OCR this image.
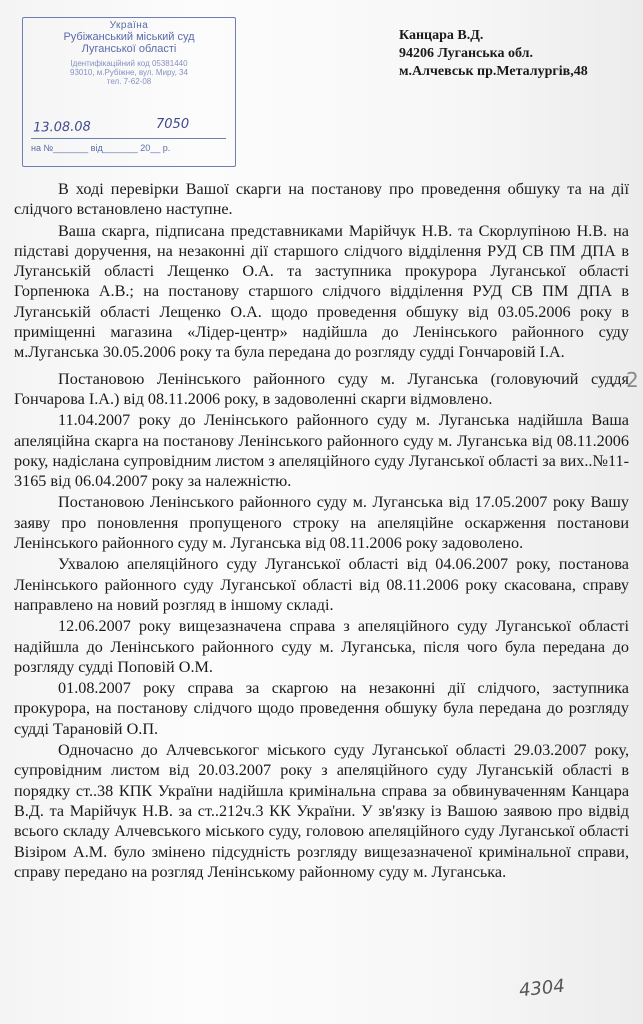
Україна
Рубіжанський міський суд
Луганської області
Ідентифікаційний код 05381440
93010, м.Рубіжне, вул. Миру, 34
тел. 7-62-08
13.08.08	7050
на №_______ від_______ 20__ р.
Канцара В.Д.
94206 Луганська обл.
м.Алчевськ пр.Металургів,48

В ході перевірки Вашої скарги на постанову про проведення обшуку та на дії слідчого встановлено наступне.

Ваша скарга, підписана представниками Марійчук Н.В. та Скорлупіною Н.В. на підставі доручення, на незаконні дії старшого слідчого відділення РУД СВ ПМ ДПА в Луганській області Лещенко О.А. та заступника прокурора Луганської області Горпенюка А.В.; на постанову старшого слідчого відділення РУД СВ ПМ ДПА в Луганській області Лещенко О.А. щодо проведення обшуку від 03.05.2006 року в приміщенні магазина «Лідер-центр» надійшла до Ленінського районного суду м.Луганська 30.05.2006 року та була передана до розгляду судді Гончаровій І.А.

Постановою Ленінського районного суду м. Луганська (головуючий суддя Гончарова І.А.) від 08.11.2006 року, в задоволенні скарги відмовлено.

11.04.2007 року до Ленінського районного суду м. Луганська надійшла Ваша апеляційна скарга на постанову Ленінського районного суду м. Луганська від 08.11.2006 року, надіслана супровідним листом з апеляційного суду Луганської області за вих..№11-3165 від 06.04.2007 року за належністю.

Постановою Ленінського районного суду м. Луганська від 17.05.2007 року Вашу заяву про поновлення пропущеного строку на апеляційне оскарження постанови Ленінського районного суду м. Луганська від 08.11.2006 року задоволено.

Ухвалою апеляційного суду Луганської області від 04.06.2007 року, постанова Ленінського районного суду Луганської області від 08.11.2006 року скасована, справу направлено на новий розгляд в іншому складі.

12.06.2007 року вищезазначена справа з апеляційного суду Луганської області надійшла до Ленінського районного суду м. Луганська, після чого була передана до розгляду судді Поповій О.М.

01.08.2007 року справа за скаргою на незаконні дії слідчого, заступника прокурора, на постанову слідчого щодо проведення обшуку була передана до розгляду судді Тарановій О.П.

Одночасно до Алчевськогог міського суду Луганської області 29.03.2007 року, супровідним листом від 20.03.2007 року з апеляційного суду Луганській області в порядку ст..38 КПК України надійшла кримінальна справа за обвинуваченням Канцара В.Д. та Марійчук Н.В. за ст..212ч.3 КК України. У зв'язку із Вашою заявою про відвід всього складу Алчевського міського суду, головою апеляційного суду Луганської області Візіром А.М. було змінено підсудність розгляду вищезазначеної кримінальної справи, справу передано на розгляд Ленінському районному суду м. Луганська.

2
4304
